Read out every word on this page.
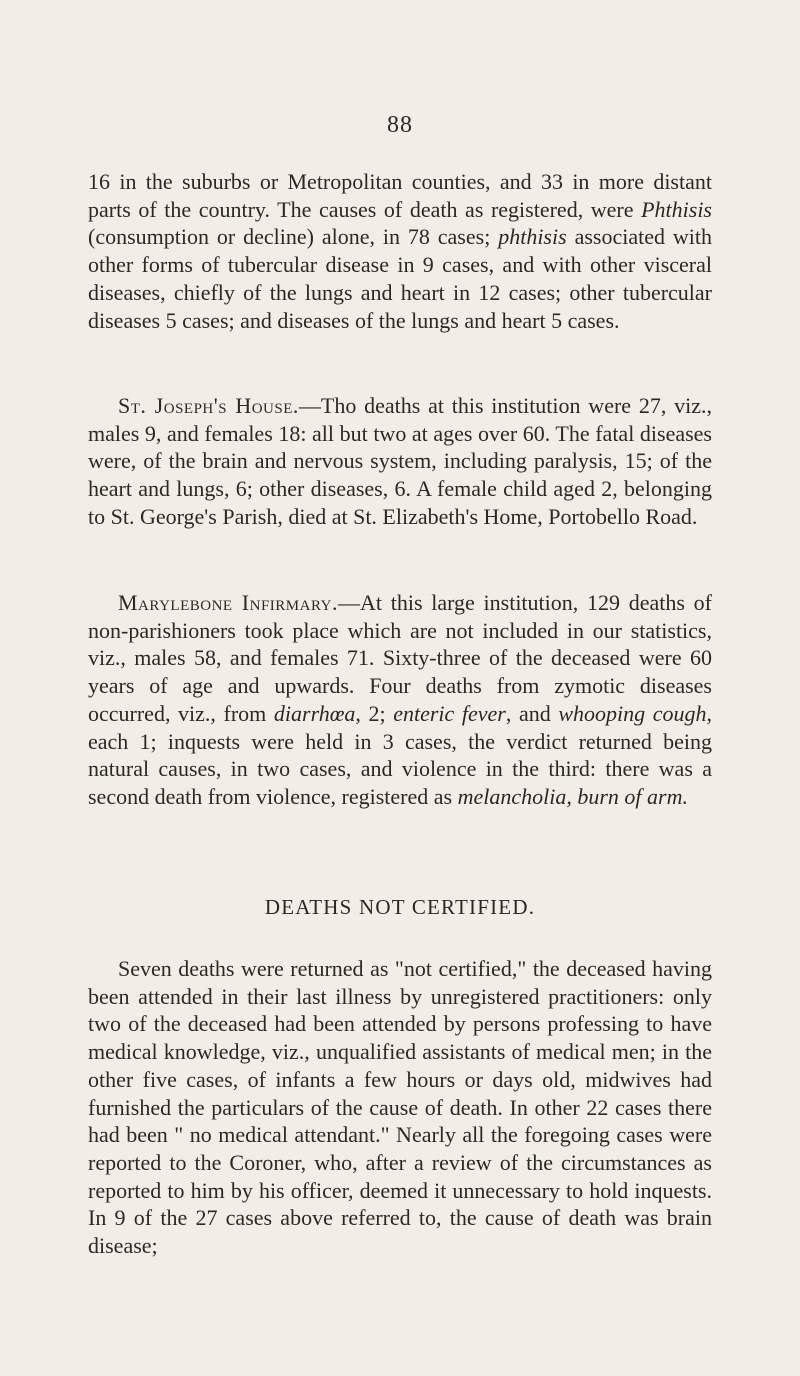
88

16 in the suburbs or Metropolitan counties, and 33 in more distant parts of the country. The causes of death as registered, were Phthisis (consumption or decline) alone, in 78 cases; phthisis associated with other forms of tubercular disease in 9 cases, and with other visceral diseases, chiefly of the lungs and heart in 12 cases; other tubercular diseases 5 cases; and diseases of the lungs and heart 5 cases.

St. Joseph's House.—Tho deaths at this institution were 27, viz., males 9, and females 18: all but two at ages over 60. The fatal diseases were, of the brain and nervous system, including paralysis, 15; of the heart and lungs, 6; other diseases, 6. A female child aged 2, belonging to St. George's Parish, died at St. Elizabeth's Home, Portobello Road.

Marylebone Infirmary.—At this large institution, 129 deaths of non-parishioners took place which are not included in our statistics, viz., males 58, and females 71. Sixty-three of the deceased were 60 years of age and upwards. Four deaths from zymotic diseases occurred, viz., from diarrhœa, 2; enteric fever, and whooping cough, each 1; inquests were held in 3 cases, the verdict returned being natural causes, in two cases, and violence in the third: there was a second death from violence, registered as melancholia, burn of arm.

DEATHS NOT CERTIFIED.

Seven deaths were returned as "not certified," the deceased having been attended in their last illness by unregistered practitioners: only two of the deceased had been attended by persons professing to have medical knowledge, viz., unqualified assistants of medical men; in the other five cases, of infants a few hours or days old, midwives had furnished the particulars of the cause of death. In other 22 cases there had been " no medical attendant." Nearly all the foregoing cases were reported to the Coroner, who, after a review of the circumstances as reported to him by his officer, deemed it unnecessary to hold inquests. In 9 of the 27 cases above referred to, the cause of death was brain disease;
